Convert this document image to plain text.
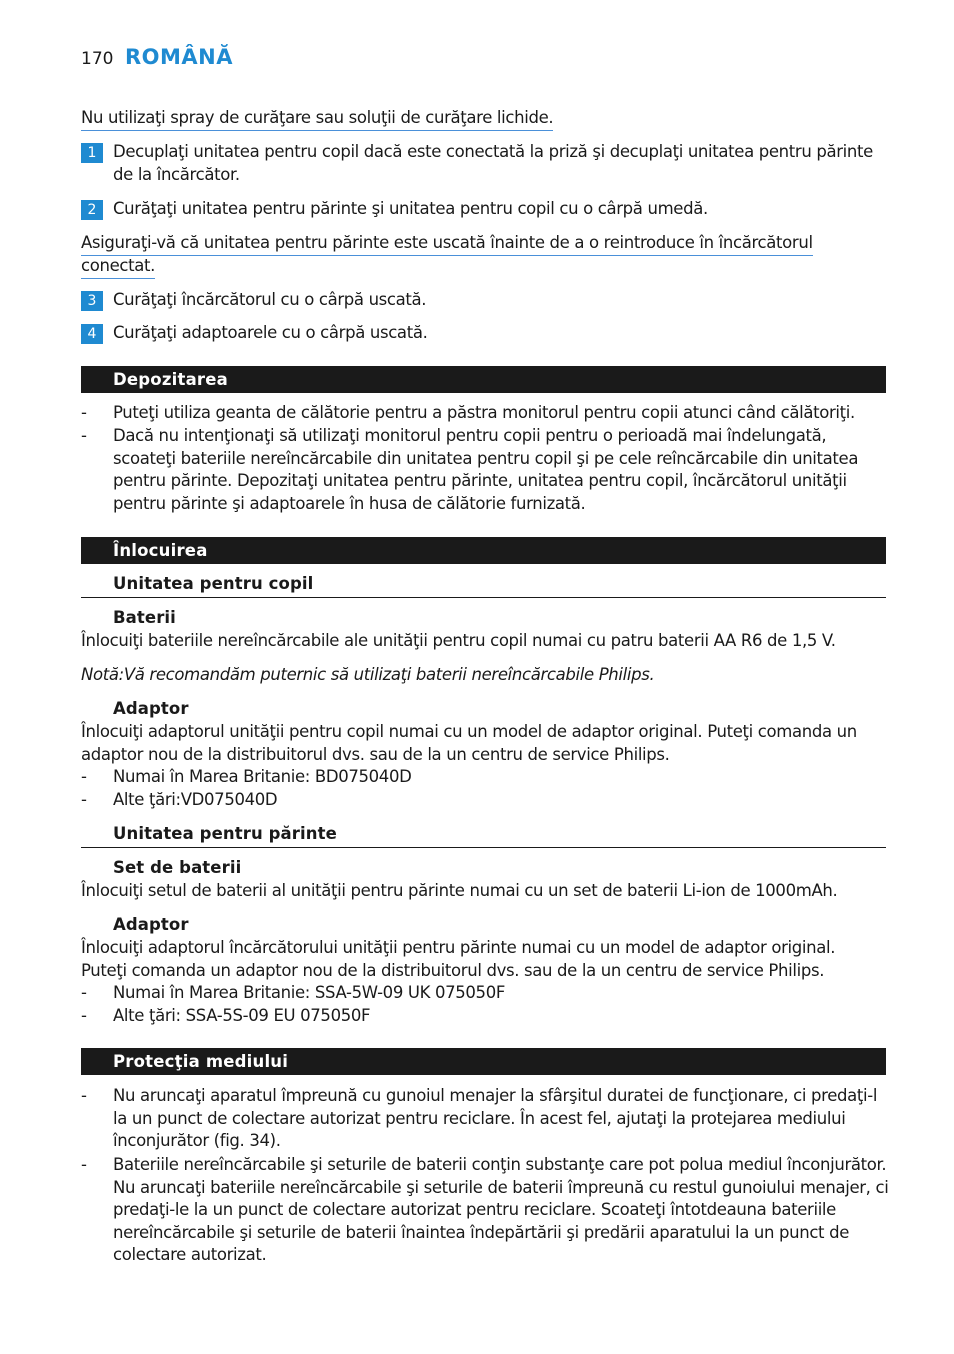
170 ROMÂNĂ
Nu utilizaţi spray de curăţare sau soluţii de curăţare lichide.
1	Decuplaţi unitatea pentru copil dacă este conectată la priză şi decuplaţi unitatea pentru părinte de la încărcător.
2	Curăţaţi unitatea pentru părinte şi unitatea pentru copil cu o cârpă umedă.
Asiguraţi-vă că unitatea pentru părinte este uscată înainte de a o reintroduce în încărcătorul conectat.
3	Curăţaţi încărcătorul cu o cârpă uscată.
4	Curăţaţi adaptoarele cu o cârpă uscată.
Depozitarea
- Puteţi utiliza geanta de călătorie pentru a păstra monitorul pentru copii atunci când călătoriţi.
- Dacă nu intenţionaţi să utilizaţi monitorul pentru copii pentru o perioadă mai îndelungată, scoateţi bateriile nereîncărcabile din unitatea pentru copil şi pe cele reîncărcabile din unitatea pentru părinte. Depozitaţi unitatea pentru părinte, unitatea pentru copil, încărcătorul unităţii pentru părinte şi adaptoarele în husa de călătorie furnizată.
Înlocuirea
Unitatea pentru copil
Baterii
Înlocuiţi bateriile nereîncărcabile ale unităţii pentru copil numai cu patru baterii AA R6 de 1,5 V.
Notă:Vă recomandăm puternic să utilizaţi baterii nereîncărcabile Philips.
Adaptor
Înlocuiţi adaptorul unităţii pentru copil numai cu un model de adaptor original. Puteţi comanda un adaptor nou de la distribuitorul dvs. sau de la un centru de service Philips.
- Numai în Marea Britanie: BD075040D
- Alte ţări:VD075040D
Unitatea pentru părinte
Set de baterii
Înlocuiţi setul de baterii al unităţii pentru părinte numai cu un set de baterii Li-ion de 1000mAh.
Adaptor
Înlocuiţi adaptorul încărcătorului unităţii pentru părinte numai cu un model de adaptor original. Puteţi comanda un adaptor nou de la distribuitorul dvs. sau de la un centru de service Philips.
- Numai în Marea Britanie: SSA-5W-09 UK 075050F
- Alte ţări: SSA-5S-09 EU 075050F
Protecţia mediului
- Nu aruncaţi aparatul împreună cu gunoiul menajer la sfârşitul duratei de funcţionare, ci predaţi-l la un punct de colectare autorizat pentru reciclare. În acest fel, ajutaţi la protejarea mediului înconjurător (fig. 34).
- Bateriile nereîncărcabile şi seturile de baterii conţin substanţe care pot polua mediul înconjurător. Nu aruncaţi bateriile nereîncărcabile şi seturile de baterii împreună cu restul gunoiului menajer, ci predaţi-le la un punct de colectare autorizat pentru reciclare. Scoateţi întotdeauna bateriile nereîncărcabile şi seturile de baterii înaintea îndepărtării şi predării aparatului la un punct de colectare autorizat.
